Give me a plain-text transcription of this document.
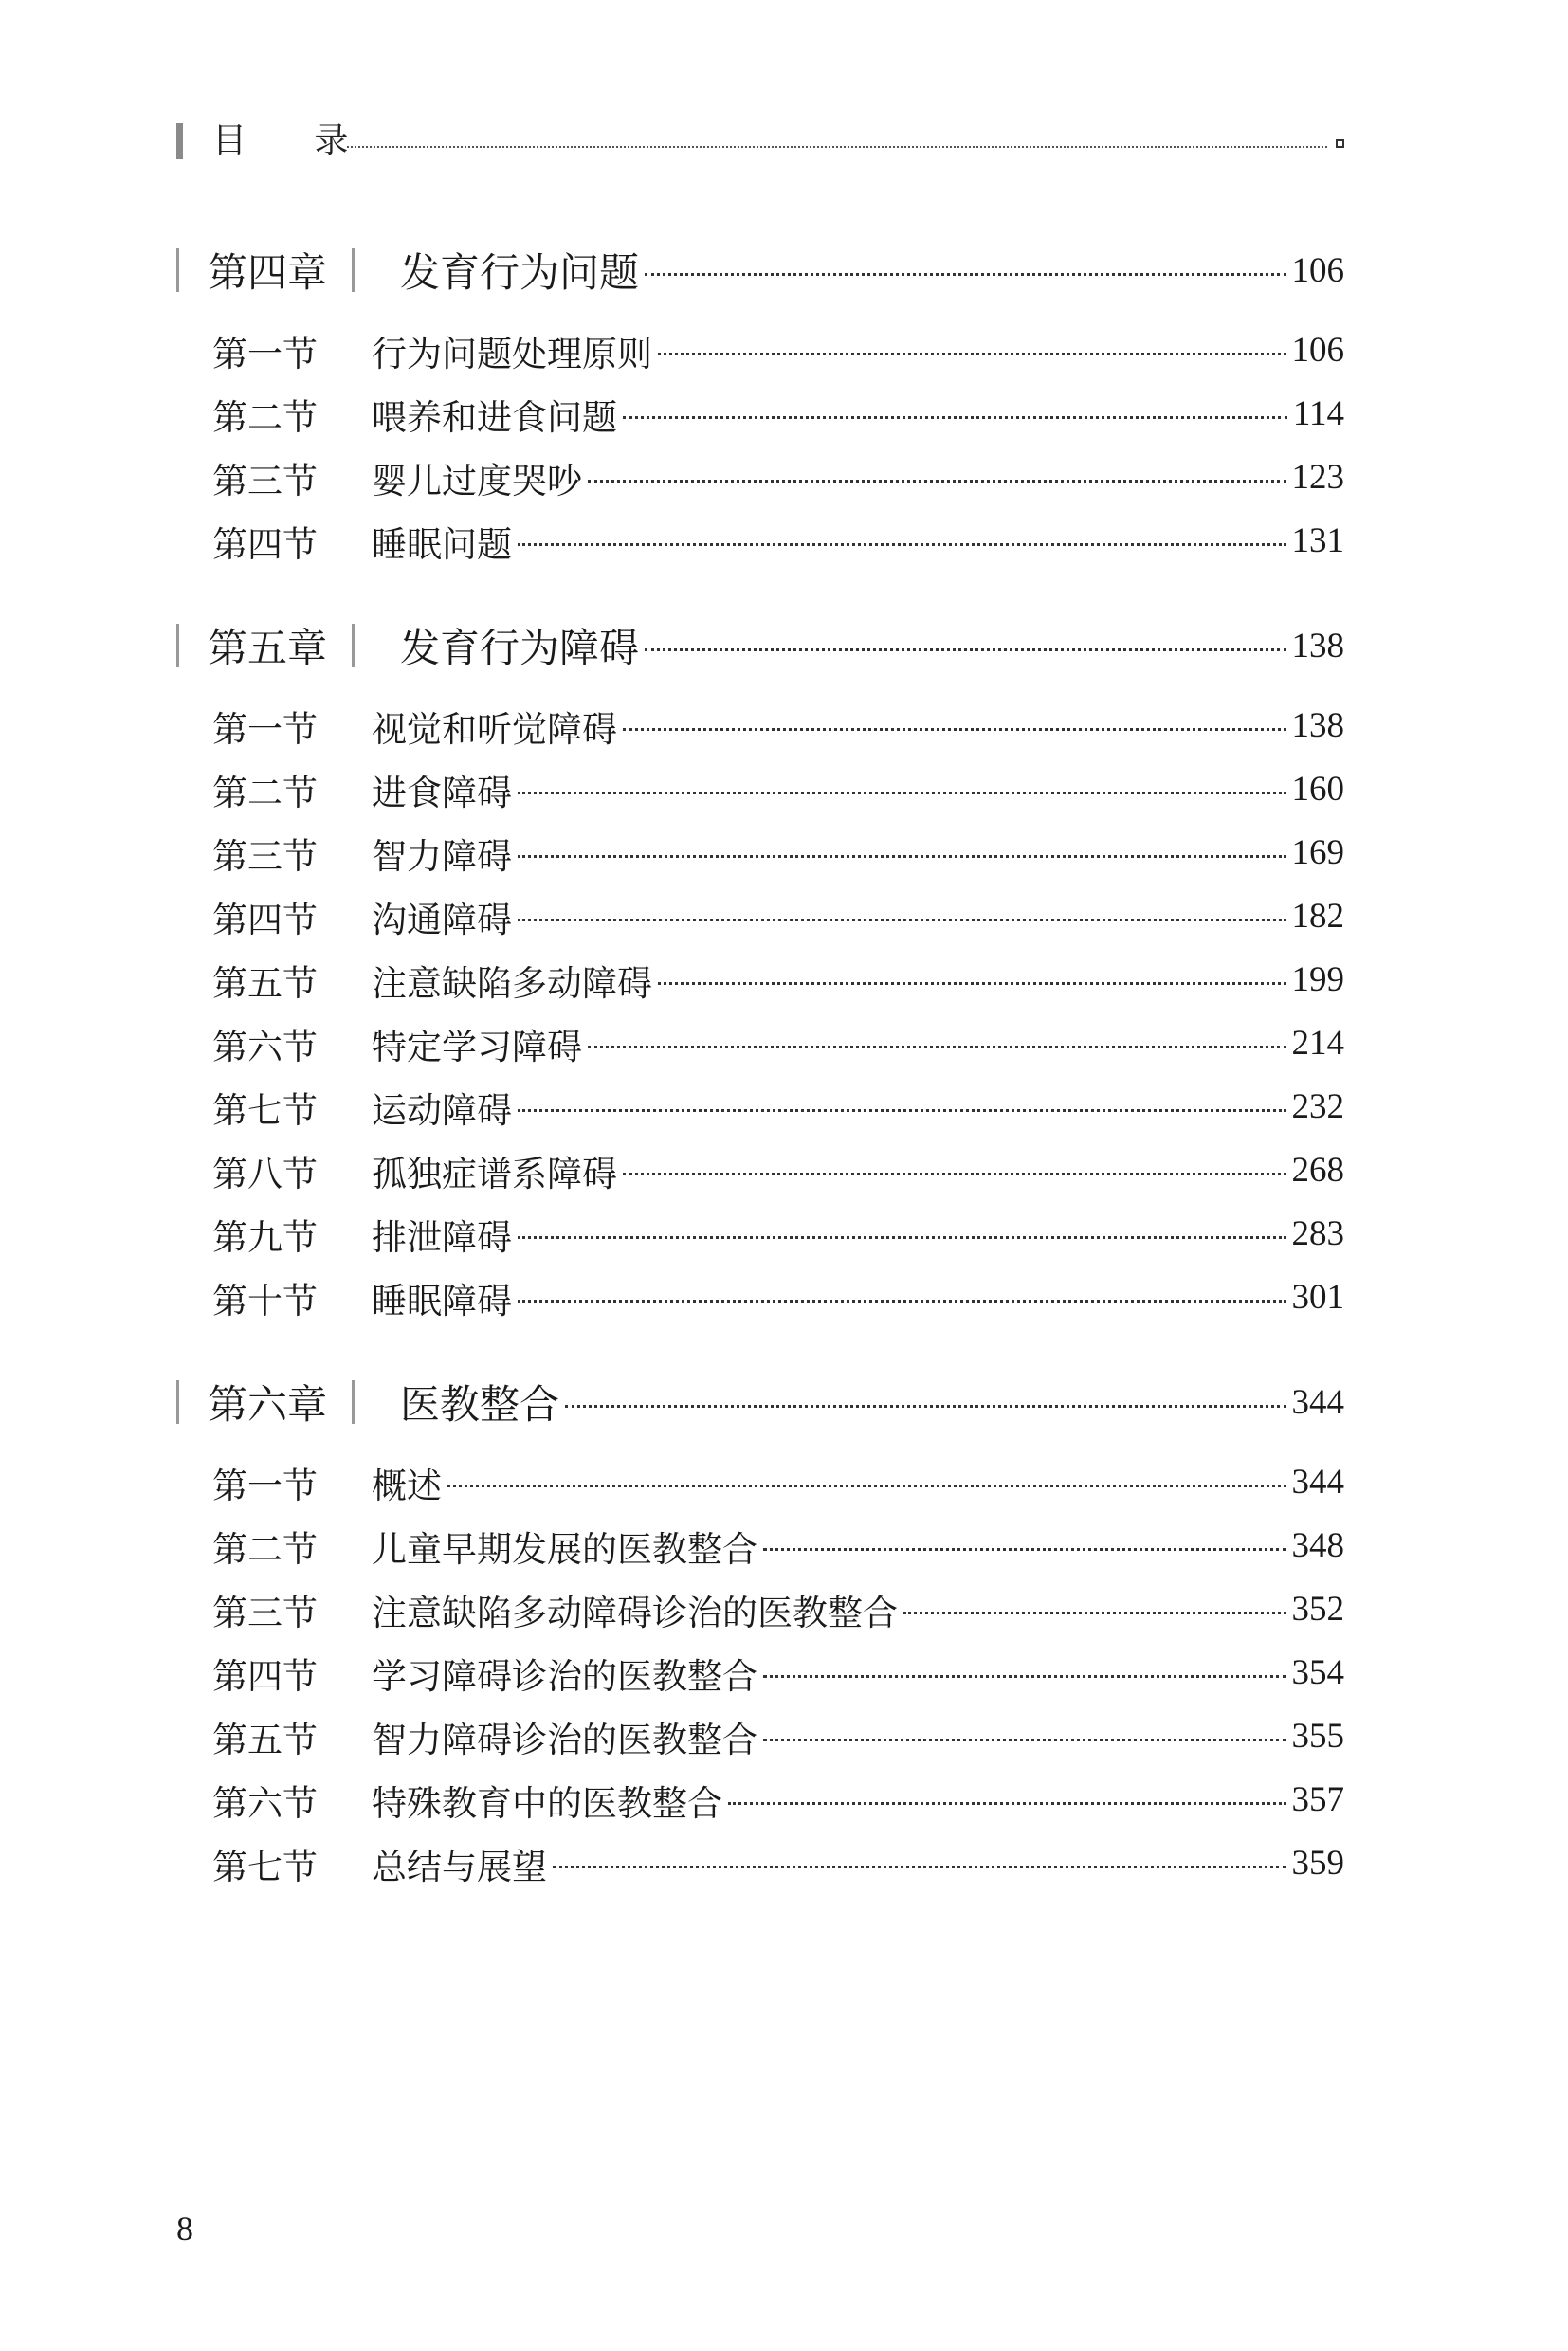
目 录
第四章 发育行为问题	106
第一节	行为问题处理原则	106
第二节	喂养和进食问题	114
第三节	婴儿过度哭吵	123
第四节	睡眠问题	131
第五章 发育行为障碍	138
第一节	视觉和听觉障碍	138
第二节	进食障碍	160
第三节	智力障碍	169
第四节	沟通障碍	182
第五节	注意缺陷多动障碍	199
第六节	特定学习障碍	214
第七节	运动障碍	232
第八节	孤独症谱系障碍	268
第九节	排泄障碍	283
第十节	睡眠障碍	301
第六章 医教整合	344
第一节	概述	344
第二节	儿童早期发展的医教整合	348
第三节	注意缺陷多动障碍诊治的医教整合	352
第四节	学习障碍诊治的医教整合	354
第五节	智力障碍诊治的医教整合	355
第六节	特殊教育中的医教整合	357
第七节	总结与展望	359
8
